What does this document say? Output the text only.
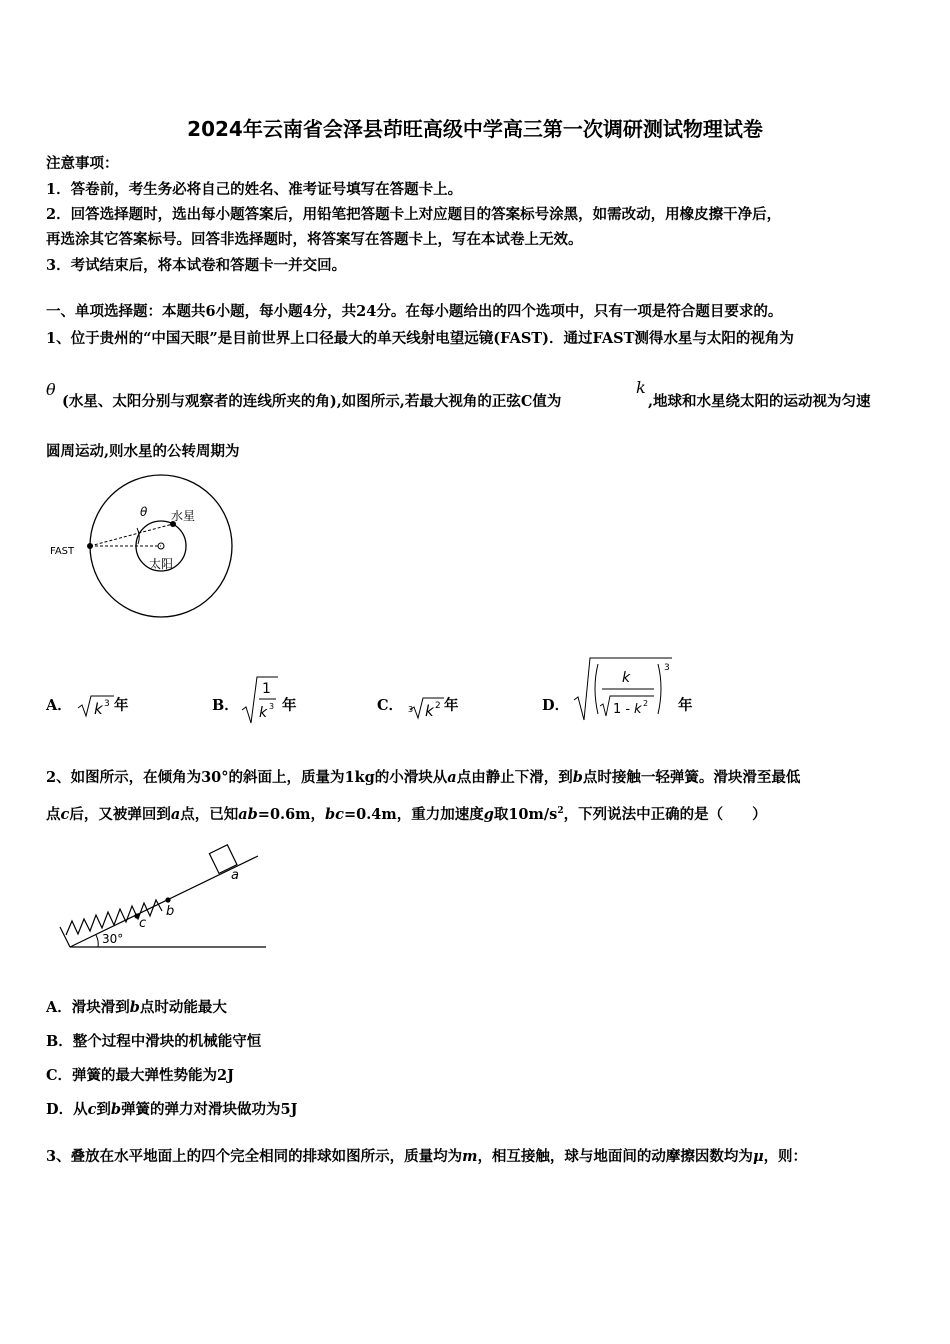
2024年云南省会泽县茚旺高级中学高三第一次调研测试物理试卷
注意事项：
1．答卷前，考生务必将自己的姓名、准考证号填写在答题卡上。
2．回答选择题时，选出每小题答案后，用铅笔把答题卡上对应题目的答案标号涂黑，如需改动，用橡皮擦干净后，
再选涂其它答案标号。回答非选择题时，将答案写在答题卡上，写在本试卷上无效。
3．考试结束后，将本试卷和答题卡一并交回。
一、单项选择题：本题共6小题，每小题4分，共24分。在每小题给出的四个选项中，只有一项是符合题目要求的。
1、位于贵州的“中国天眼”是目前世界上口径最大的单天线射电望远镜(FAST)．通过FAST测得水星与太阳的视角为
θ
(水星、太阳分别与观察者的连线所夹的角),如图所示,若最大视角的正弦C值为
k
,地球和水星绕太阳的运动视为匀速
圆周运动,则水星的公转周期为
θ 水星
太阳
FAST
A． k 3 年	B．
1
k 3 年	C． 3 k 2 年	D．
3
k
1 - k 2 年
2、如图所示，在倾角为30°的斜面上，质量为1kg的小滑块从a点由静止下滑，到b点时接触一轻弹簧。滑块滑至最低
点c后，又被弹回到a点，已知ab=0.6m，bc=0.4m，重力加速度g取$10m/s^2$，下列说法中正确的是（　　）
c
b
a
30°
A．滑块滑到b点时动能最大
B．整个过程中滑块的机械能守恒
C．弹簧的最大弹性势能为2J
D．从c到b弹簧的弹力对滑块做功为5J
3、叠放在水平地面上的四个完全相同的排球如图所示，质量均为m，相互接触，球与地面间的动摩擦因数均为μ，则：
